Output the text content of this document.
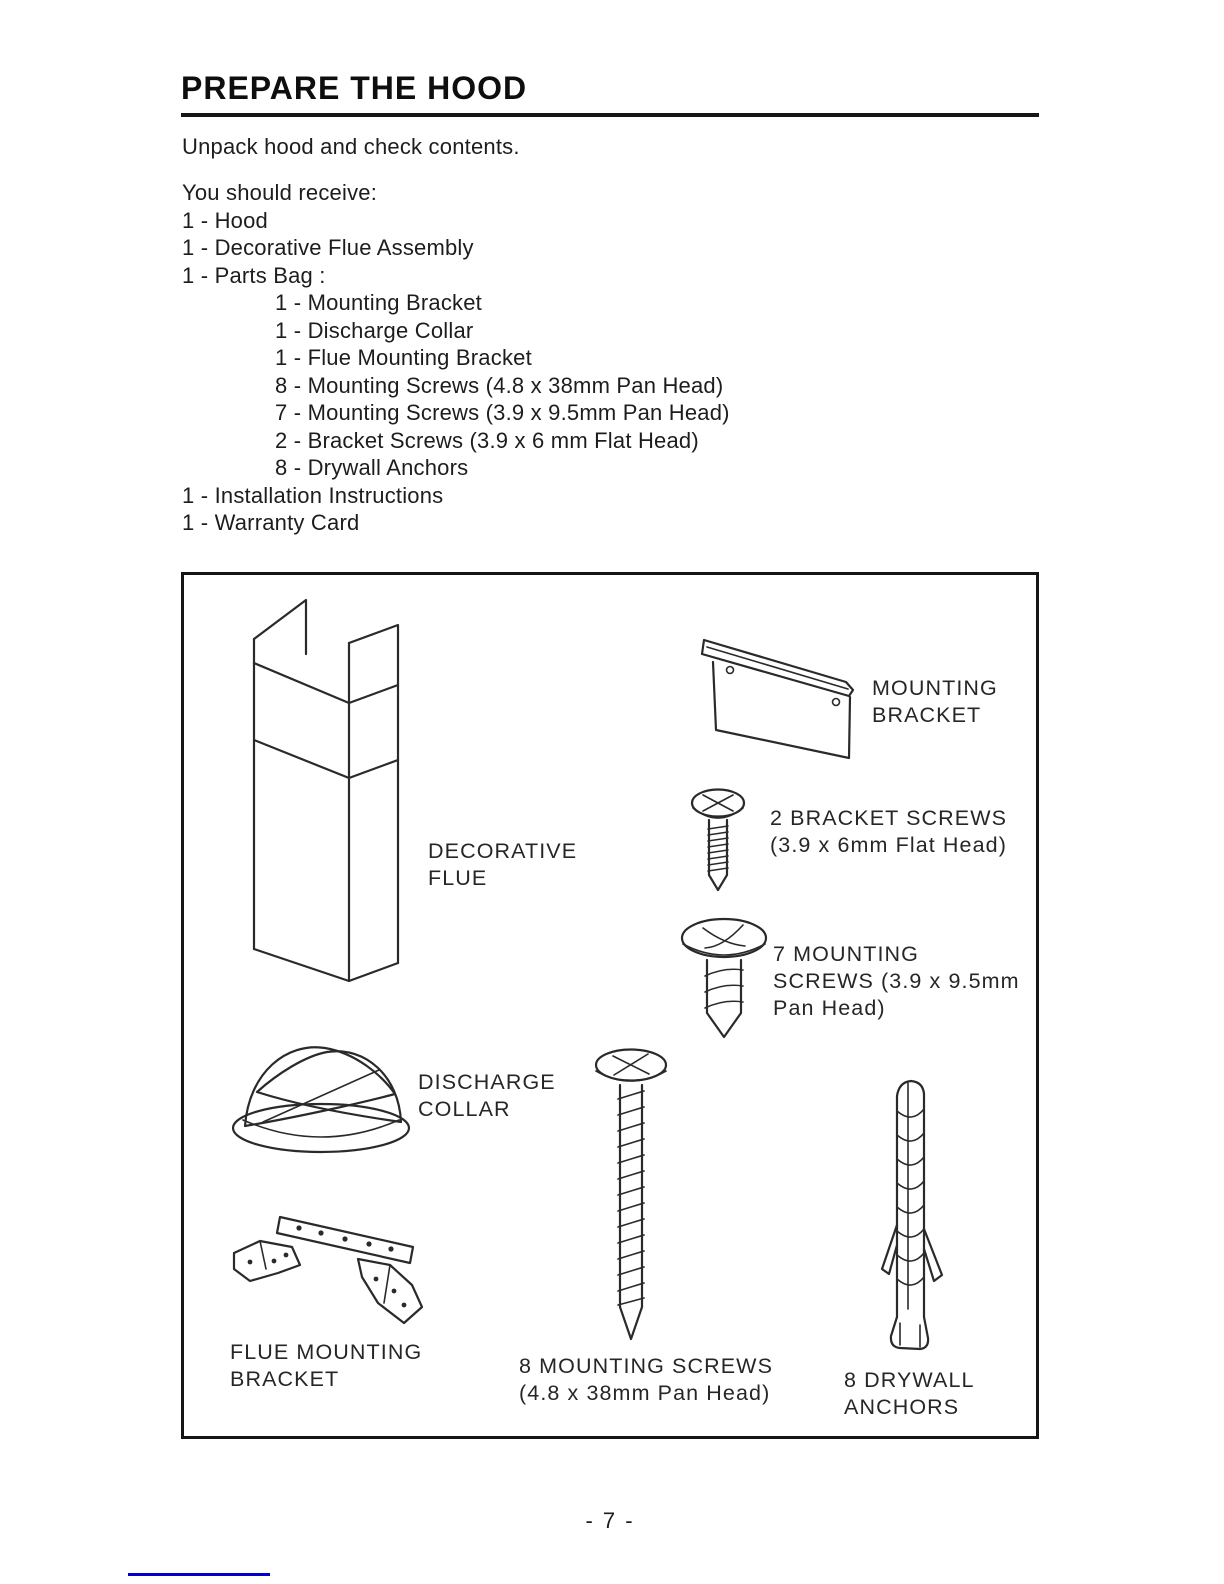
PREPARE THE HOOD
Unpack hood and check contents.
You should receive:
1 - Hood
1 - Decorative Flue Assembly
1 - Parts Bag :
1 - Mounting Bracket
1 - Discharge Collar
1 - Flue Mounting Bracket
8 - Mounting Screws (4.8 x 38mm Pan Head)
7 - Mounting Screws (3.9 x 9.5mm Pan Head)
2 - Bracket Screws (3.9 x 6 mm Flat Head)
8 - Drywall Anchors
1 - Installation Instructions
1 - Warranty Card
DECORATIVE
FLUE
MOUNTING
BRACKET
2 BRACKET SCREWS
(3.9 x 6mm Flat Head)
7 MOUNTING
SCREWS (3.9 x 9.5mm
Pan Head)
DISCHARGE
COLLAR
FLUE MOUNTING
BRACKET
8 MOUNTING SCREWS
(4.8 x 38mm Pan Head)
8 DRYWALL
ANCHORS
- 7 -
